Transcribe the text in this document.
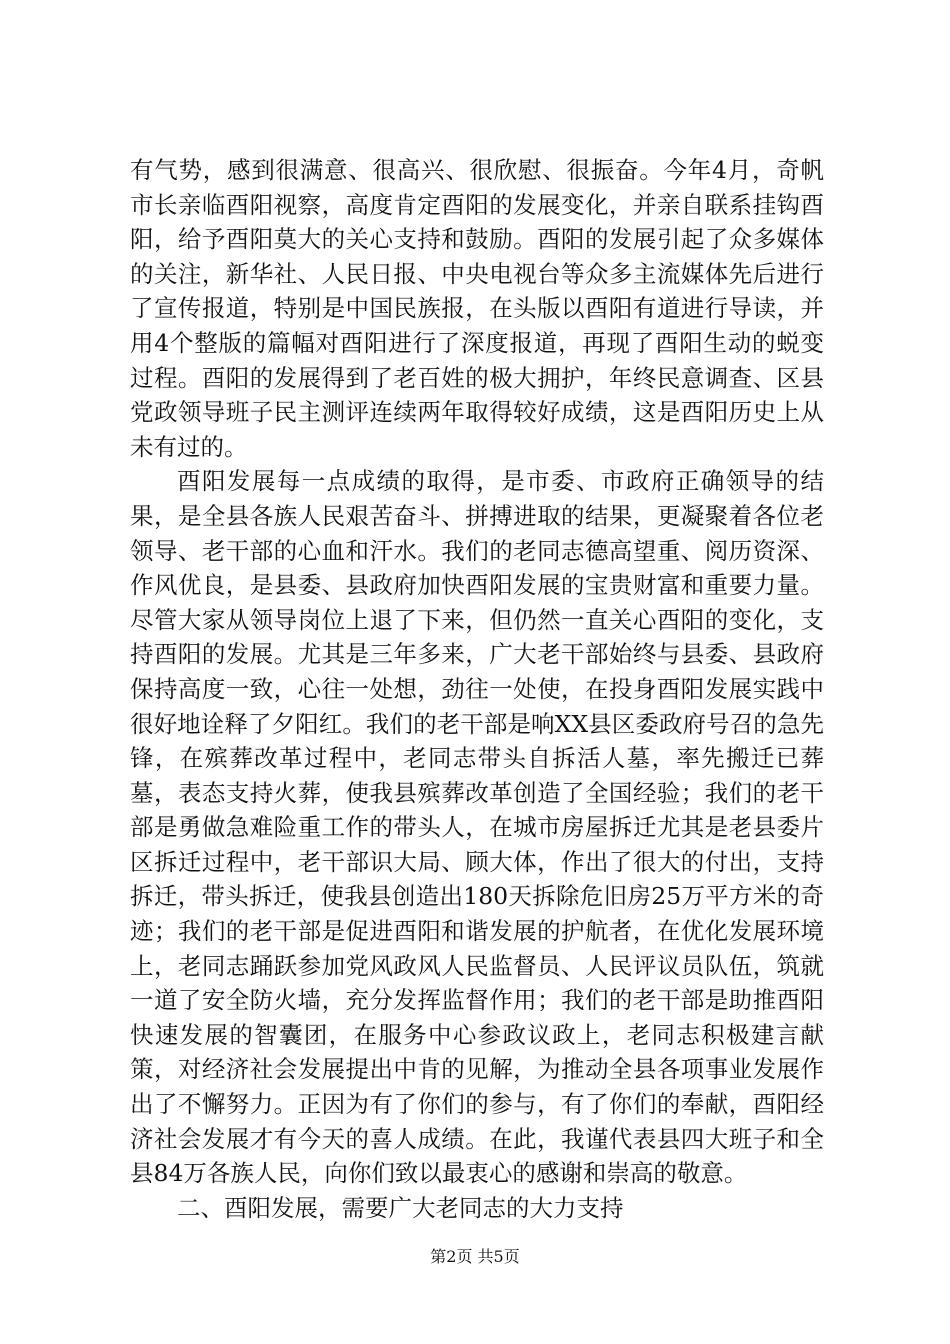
有气势，感到很满意、很高兴、很欣慰、很振奋。今年4月，奇帆市长亲临酉阳视察，高度肯定酉阳的发展变化，并亲自联系挂钩酉阳，给予酉阳莫大的关心支持和鼓励。酉阳的发展引起了众多媒体的关注，新华社、人民日报、中央电视台等众多主流媒体先后进行了宣传报道，特别是中国民族报，在头版以酉阳有道进行导读，并用4个整版的篇幅对酉阳进行了深度报道，再现了酉阳生动的蜕变过程。酉阳的发展得到了老百姓的极大拥护，年终民意调查、区县党政领导班子民主测评连续两年取得较好成绩，这是酉阳历史上从未有过的。

酉阳发展每一点成绩的取得，是市委、市政府正确领导的结果，是全县各族人民艰苦奋斗、拼搏进取的结果，更凝聚着各位老领导、老干部的心血和汗水。我们的老同志德高望重、阅历资深、作风优良，是县委、县政府加快酉阳发展的宝贵财富和重要力量。尽管大家从领导岗位上退了下来，但仍然一直关心酉阳的变化，支持酉阳的发展。尤其是三年多来，广大老干部始终与县委、县政府保持高度一致，心往一处想，劲往一处使，在投身酉阳发展实践中很好地诠释了夕阳红。我们的老干部是响XX县区委政府号召的急先锋，在殡葬改革过程中，老同志带头自拆活人墓，率先搬迁已葬墓，表态支持火葬，使我县殡葬改革创造了全国经验；我们的老干部是勇做急难险重工作的带头人，在城市房屋拆迁尤其是老县委片区拆迁过程中，老干部识大局、顾大体，作出了很大的付出，支持拆迁，带头拆迁，使我县创造出180天拆除危旧房25万平方米的奇迹；我们的老干部是促进酉阳和谐发展的护航者，在优化发展环境上，老同志踊跃参加党风政风人民监督员、人民评议员队伍，筑就一道了安全防火墙，充分发挥监督作用；我们的老干部是助推酉阳快速发展的智囊团，在服务中心参政议政上，老同志积极建言献策，对经济社会发展提出中肯的见解，为推动全县各项事业发展作出了不懈努力。正因为有了你们的参与，有了你们的奉献，酉阳经济社会发展才有今天的喜人成绩。在此，我谨代表县四大班子和全县84万各族人民，向你们致以最衷心的感谢和崇高的敬意。

二、酉阳发展，需要广大老同志的大力支持

第2页 共5页
